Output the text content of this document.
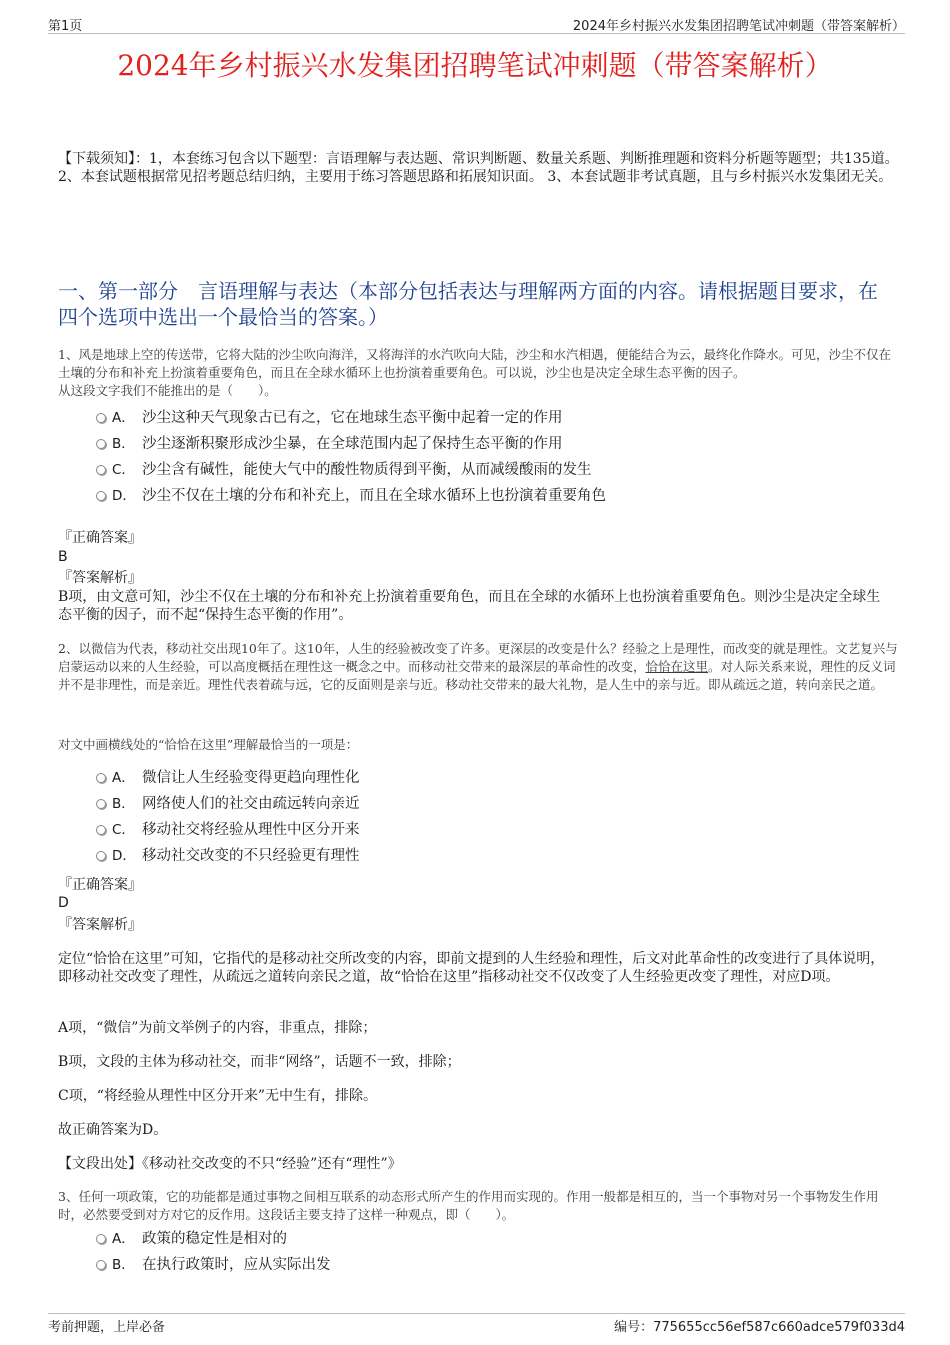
第1页	2024年乡村振兴水发集团招聘笔试冲刺题（带答案解析）
2024年乡村振兴水发集团招聘笔试冲刺题（带答案解析）
【下载须知】：1，本套练习包含以下题型：言语理解与表达题、常识判断题、数量关系题、判断推理题和资料分析题等题型；共135道。 2、本套试题根据常见招考题总结归纳，主要用于练习答题思路和拓展知识面。 3、本套试题非考试真题，且与乡村振兴水发集团无关。
一、第一部分　言语理解与表达（本部分包括表达与理解两方面的内容。请根据题目要求，在四个选项中选出一个最恰当的答案。）
1、风是地球上空的传送带，它将大陆的沙尘吹向海洋，又将海洋的水汽吹向大陆，沙尘和水汽相遇，便能结合为云，最终化作降水。可见，沙尘不仅在土壤的分布和补充上扮演着重要角色，而且在全球水循环上也扮演着重要角色。可以说，沙尘也是决定全球生态平衡的因子。
从这段文字我们不能推出的是（　　）。
A． 沙尘这种天气现象古已有之，它在地球生态平衡中起着一定的作用
B． 沙尘逐渐积聚形成沙尘暴，在全球范围内起了保持生态平衡的作用
C． 沙尘含有碱性，能使大气中的酸性物质得到平衡，从而减缓酸雨的发生
D． 沙尘不仅在土壤的分布和补充上，而且在全球水循环上也扮演着重要角色
『正确答案』
B
『答案解析』
B项，由文意可知，沙尘不仅在土壤的分布和补充上扮演着重要角色，而且在全球的水循环上也扮演着重要角色。则沙尘是决定全球生态平衡的因子，而不起“保持生态平衡的作用”。
2、以微信为代表，移动社交出现10年了。这10年，人生的经验被改变了许多。更深层的改变是什么？经验之上是理性，而改变的就是理性。文艺复兴与启蒙运动以来的人生经验，可以高度概括在理性这一概念之中。而移动社交带来的最深层的革命性的改变，恰恰在这里。对人际关系来说，理性的反义词并不是非理性，而是亲近。理性代表着疏与远，它的反面则是亲与近。移动社交带来的最大礼物，是人生中的亲与近。即从疏远之道，转向亲民之道。
对文中画横线处的“恰恰在这里”理解最恰当的一项是：
A． 微信让人生经验变得更趋向理性化
B． 网络使人们的社交由疏远转向亲近
C． 移动社交将经验从理性中区分开来
D． 移动社交改变的不只经验更有理性
『正确答案』
D
『答案解析』
定位“恰恰在这里”可知，它指代的是移动社交所改变的内容，即前文提到的人生经验和理性，后文对此革命性的改变进行了具体说明，即移动社交改变了理性，从疏远之道转向亲民之道，故“恰恰在这里”指移动社交不仅改变了人生经验更改变了理性，对应D项。
A项，“微信”为前文举例子的内容，非重点，排除；
B项，文段的主体为移动社交，而非“网络”，话题不一致，排除；
C项，“将经验从理性中区分开来”无中生有，排除。
故正确答案为D。
【文段出处】《移动社交改变的不只“经验”还有“理性”》
3、任何一项政策，它的功能都是通过事物之间相互联系的动态形式所产生的作用而实现的。作用一般都是相互的，当一个事物对另一个事物发生作用时，必然要受到对方对它的反作用。这段话主要支持了这样一种观点，即（　　）。
A． 政策的稳定性是相对的
B． 在执行政策时，应从实际出发
考前押题，上岸必备	编号：775655cc56ef587c660adce579f033d4
